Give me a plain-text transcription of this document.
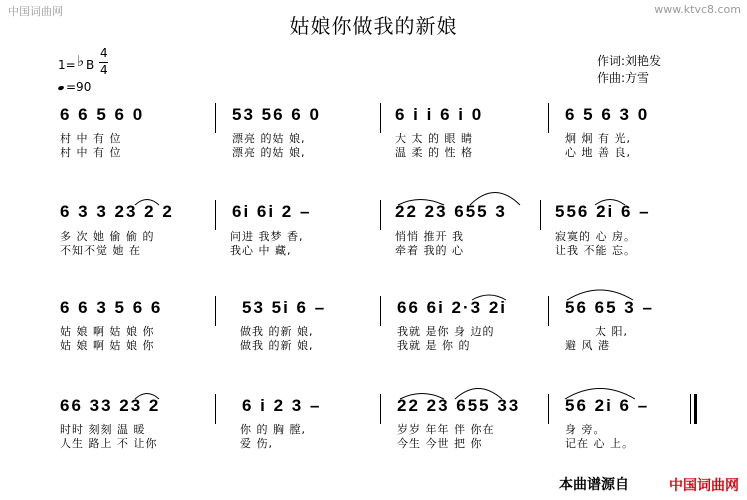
中国词曲网	www.ktvc8.com
姑娘你做我的新娘
作词:刘艳发
作曲:方雪
1= ♭ B
4
4
=90
6 6 5 6 0	53 56 6 0	6 i i 6 i 0	6 5 6 3 0
村 中 有 位
村 中 有 位
漂亮 的姑 娘,
漂亮 的姑 娘,
大 太 的 眼 睛
温 柔 的 性 格
炯 炯 有 光,
心 地 善 良,
6 3 3 23 2 2	6i 6i 2 –	22 23 655 3	556 2i 6 –
多 次 她 偷 偷 的
不知不觉 她 在
问进 我梦 香,
我心 中 藏,
悄悄 推开 我
牵着 我的 心
寂寞的 心 房。
让我 不能 忘。
6 6 3 5 6 6	53 5i 6 –	66 6i 2·3 2i	56 65 3 –
姑 娘 啊 姑 娘 你
姑 娘 啊 姑 娘 你
做我 的新 娘,
做我 的新 娘,
我就 是你 身 边的
我就 是 你 的
太 阳,
避 风 港
66 33 23 2	6 i 2 3 –	22 23 655 33	56 2i 6 –
时时 刻刻 温 暖
人生 路上 不 让你
你 的 胸 膛,
爱 伤,
岁岁 年年 伴 你在
今生 今世 把 你
身 旁。
记在 心 上。
本曲谱源自	中国词曲网
